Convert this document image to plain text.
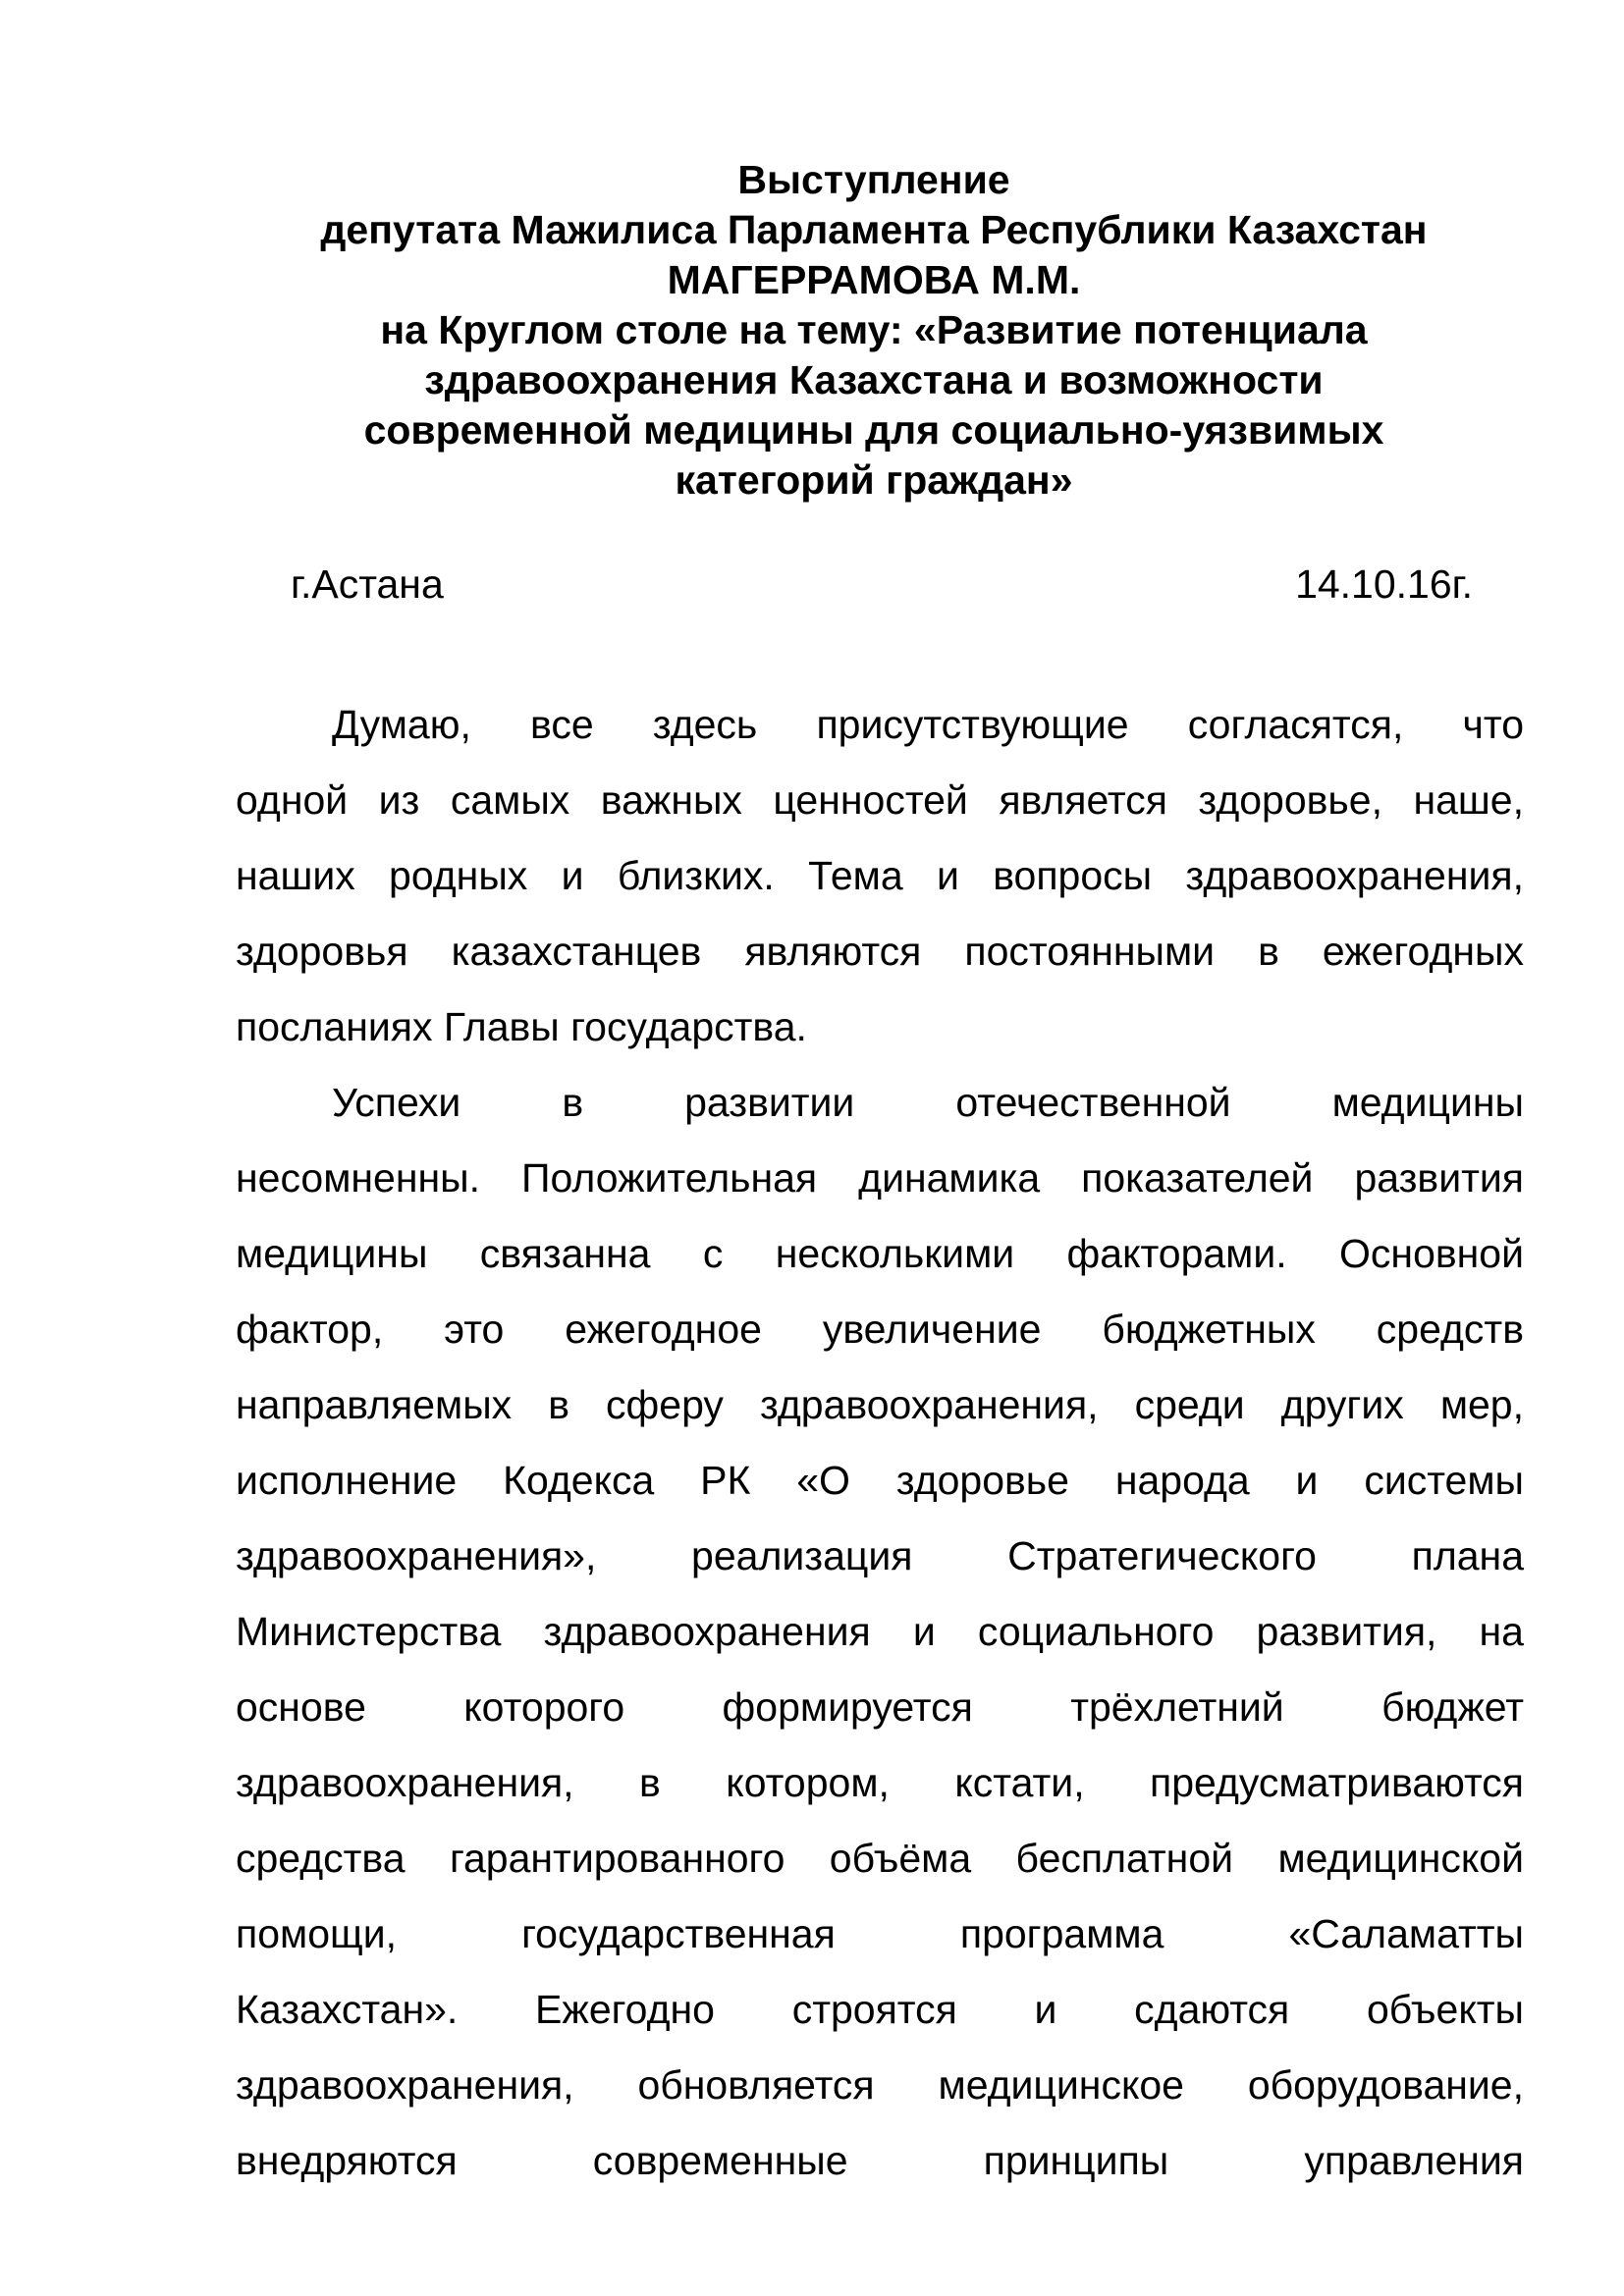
Выступление
депутата Мажилиса Парламента Республики Казахстан
МАГЕРРАМОВА М.М.
на Круглом столе на тему: «Развитие потенциала
здравоохранения Казахстана и возможности
современной медицины для социально-уязвимых
категорий граждан»
г.Астана	14.10.16г.
Думаю, все здесь присутствующие согласятся, что
одной из самых важных ценностей является здоровье, наше,
наших родных и близких. Тема и вопросы здравоохранения,
здоровья казахстанцев являются постоянными в ежегодных
посланиях Главы государства.
Успехи в развитии отечественной медицины
несомненны. Положительная динамика показателей развития
медицины связанна с несколькими факторами. Основной
фактор, это ежегодное увеличение бюджетных средств
направляемых в сферу здравоохранения, среди других мер,
исполнение Кодекса РК «О здоровье народа и системы
здравоохранения», реализация Стратегического плана
Министерства здравоохранения и социального развития, на
основе которого формируется трёхлетний бюджет
здравоохранения, в котором, кстати, предусматриваются
средства гарантированного объёма бесплатной медицинской
помощи, государственная программа «Саламатты
Казахстан». Ежегодно строятся и сдаются объекты
здравоохранения, обновляется медицинское оборудование,
внедряются современные принципы управления
